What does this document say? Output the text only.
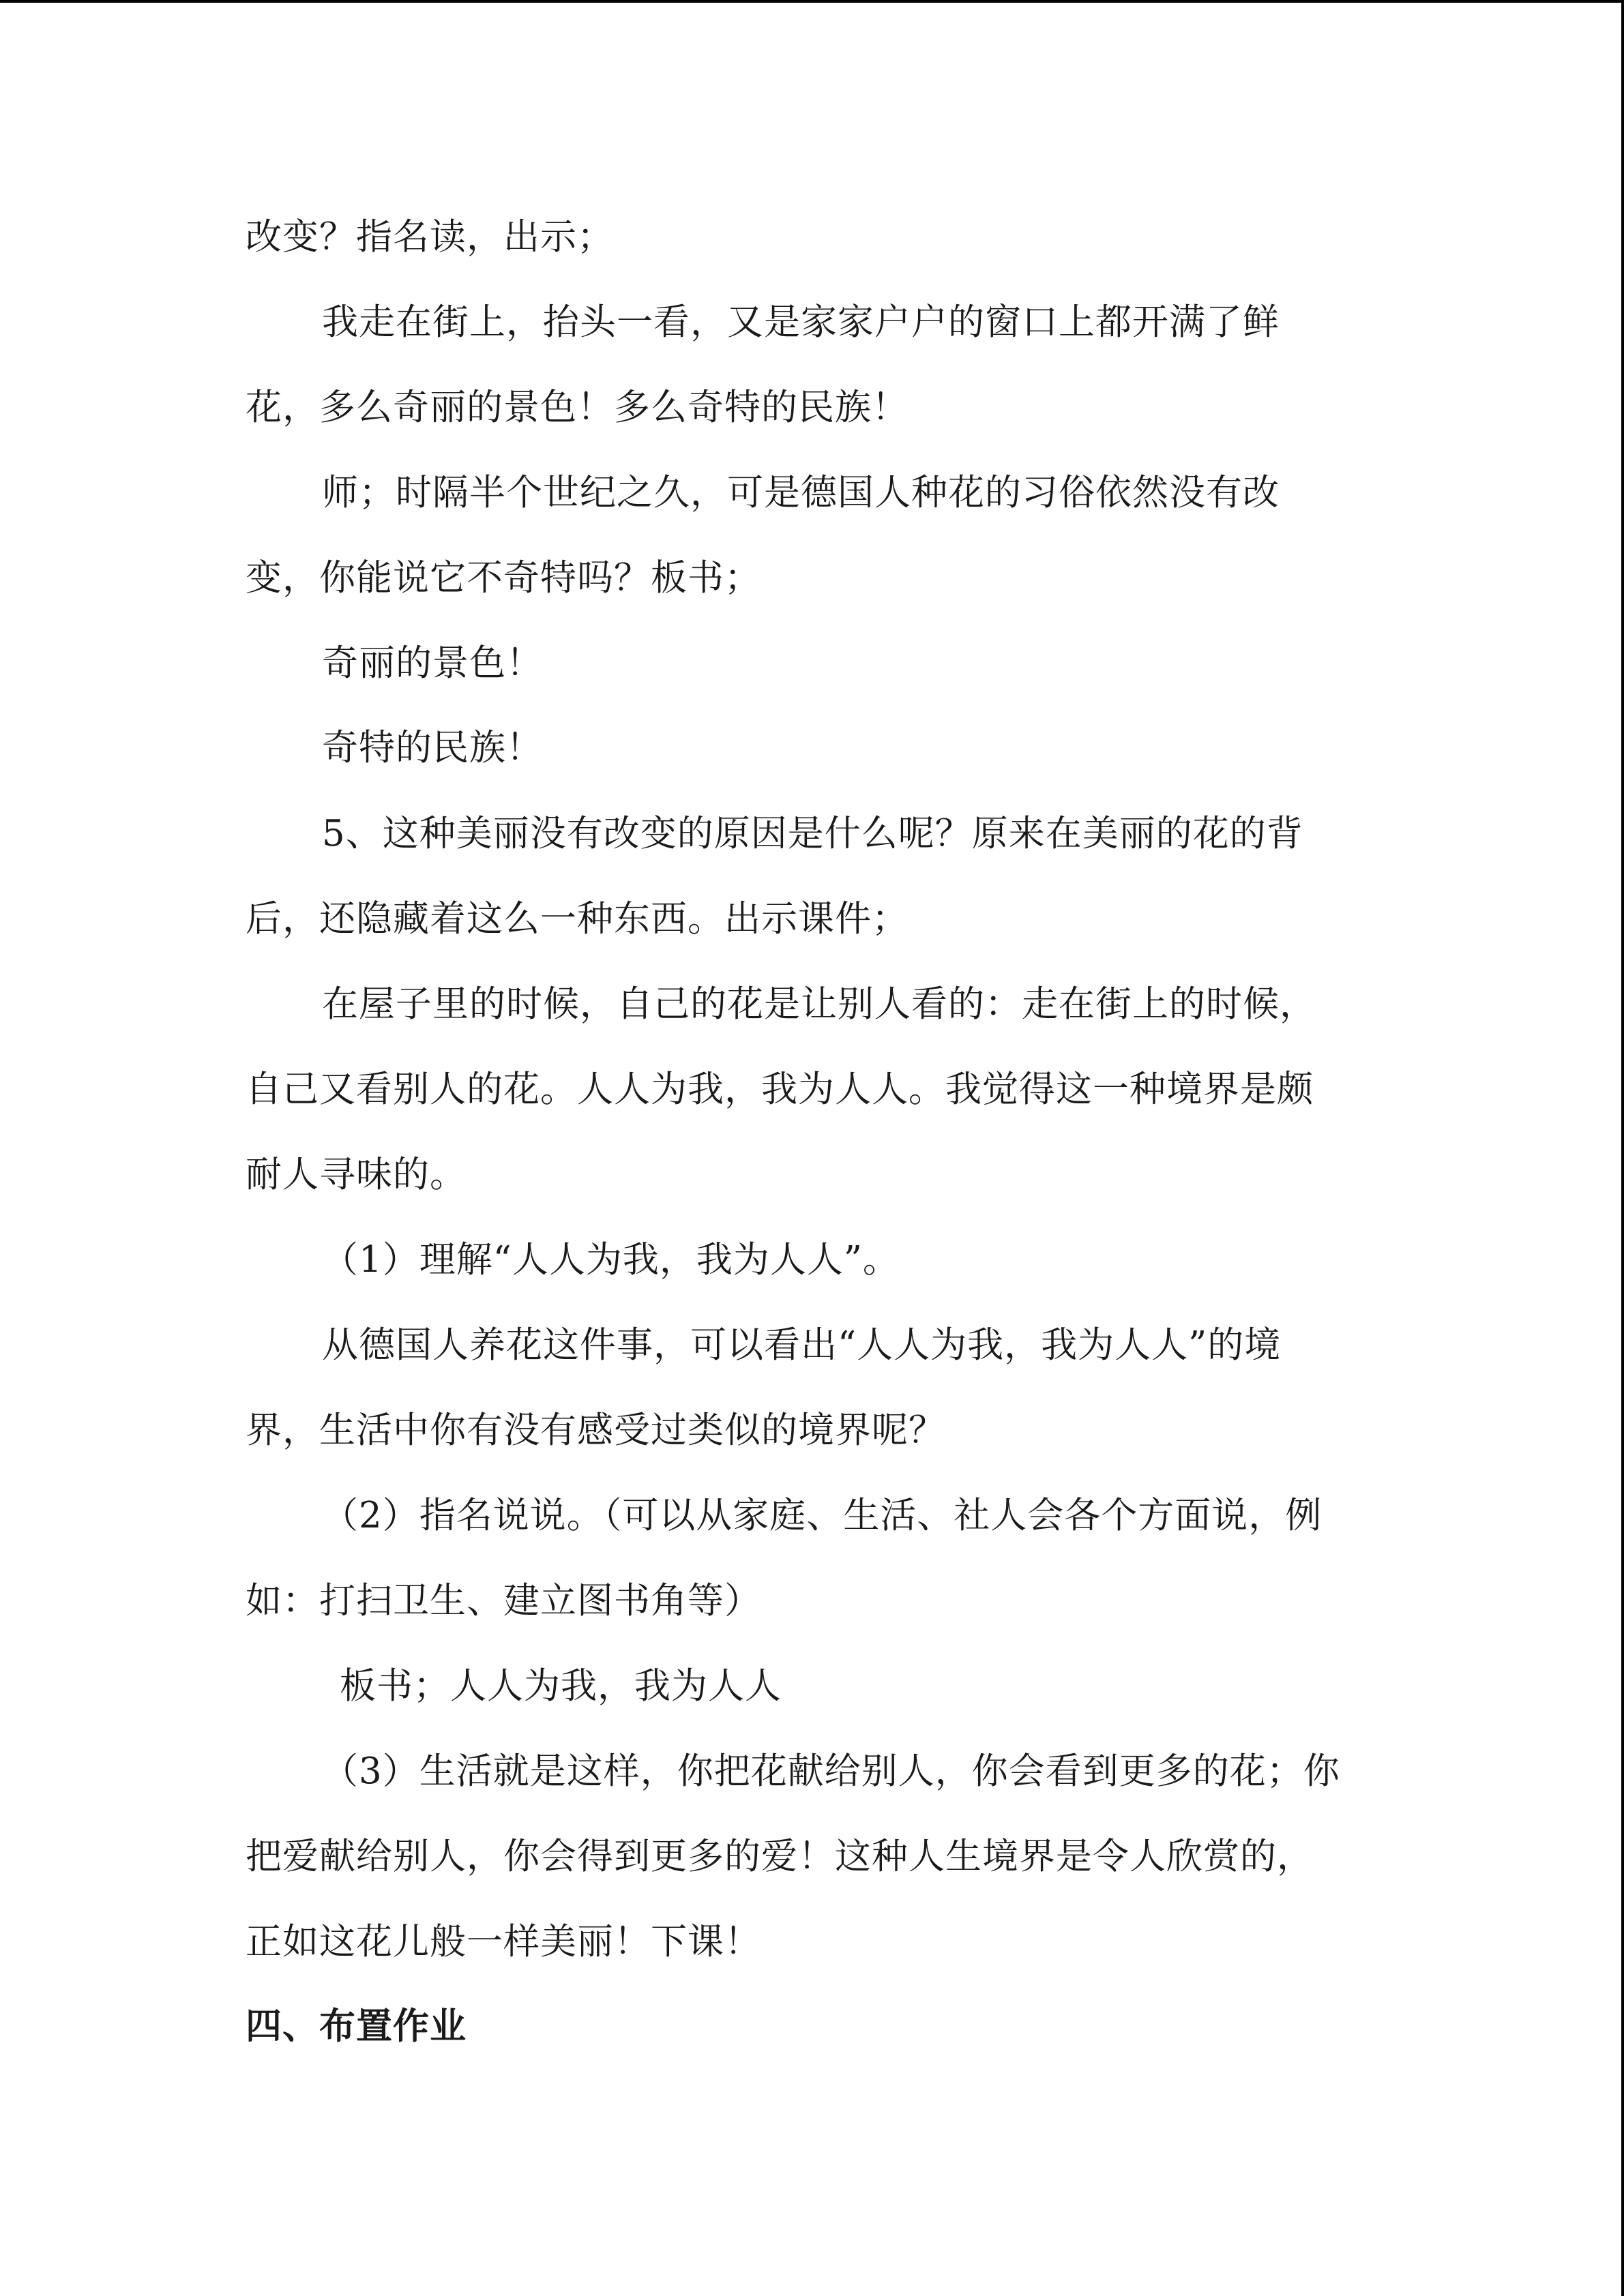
改变？指名读，出示；

我走在街上，抬头一看，又是家家户户的窗口上都开满了鲜

花，多么奇丽的景色！多么奇特的民族！

师；时隔半个世纪之久，可是德国人种花的习俗依然没有改

变，你能说它不奇特吗？板书；

奇丽的景色！

奇特的民族！

5、这种美丽没有改变的原因是什么呢？原来在美丽的花的背

后，还隐藏着这么一种东西。出示课件；

在屋子里的时候，自己的花是让别人看的：走在街上的时候，

自己又看别人的花。人人为我，我为人人。我觉得这一种境界是颇

耐人寻味的。

（1）理解“人人为我，我为人人”。

从德国人养花这件事，可以看出“人人为我，我为人人”的境

界，生活中你有没有感受过类似的境界呢？

（2）指名说说。（可以从家庭、生活、社人会各个方面说，例

如：打扫卫生、建立图书角等）

板书；人人为我，我为人人

（3）生活就是这样，你把花献给别人，你会看到更多的花；你

把爱献给别人，你会得到更多的爱！这种人生境界是令人欣赏的，

正如这花儿般一样美丽！下课！

四、布置作业
